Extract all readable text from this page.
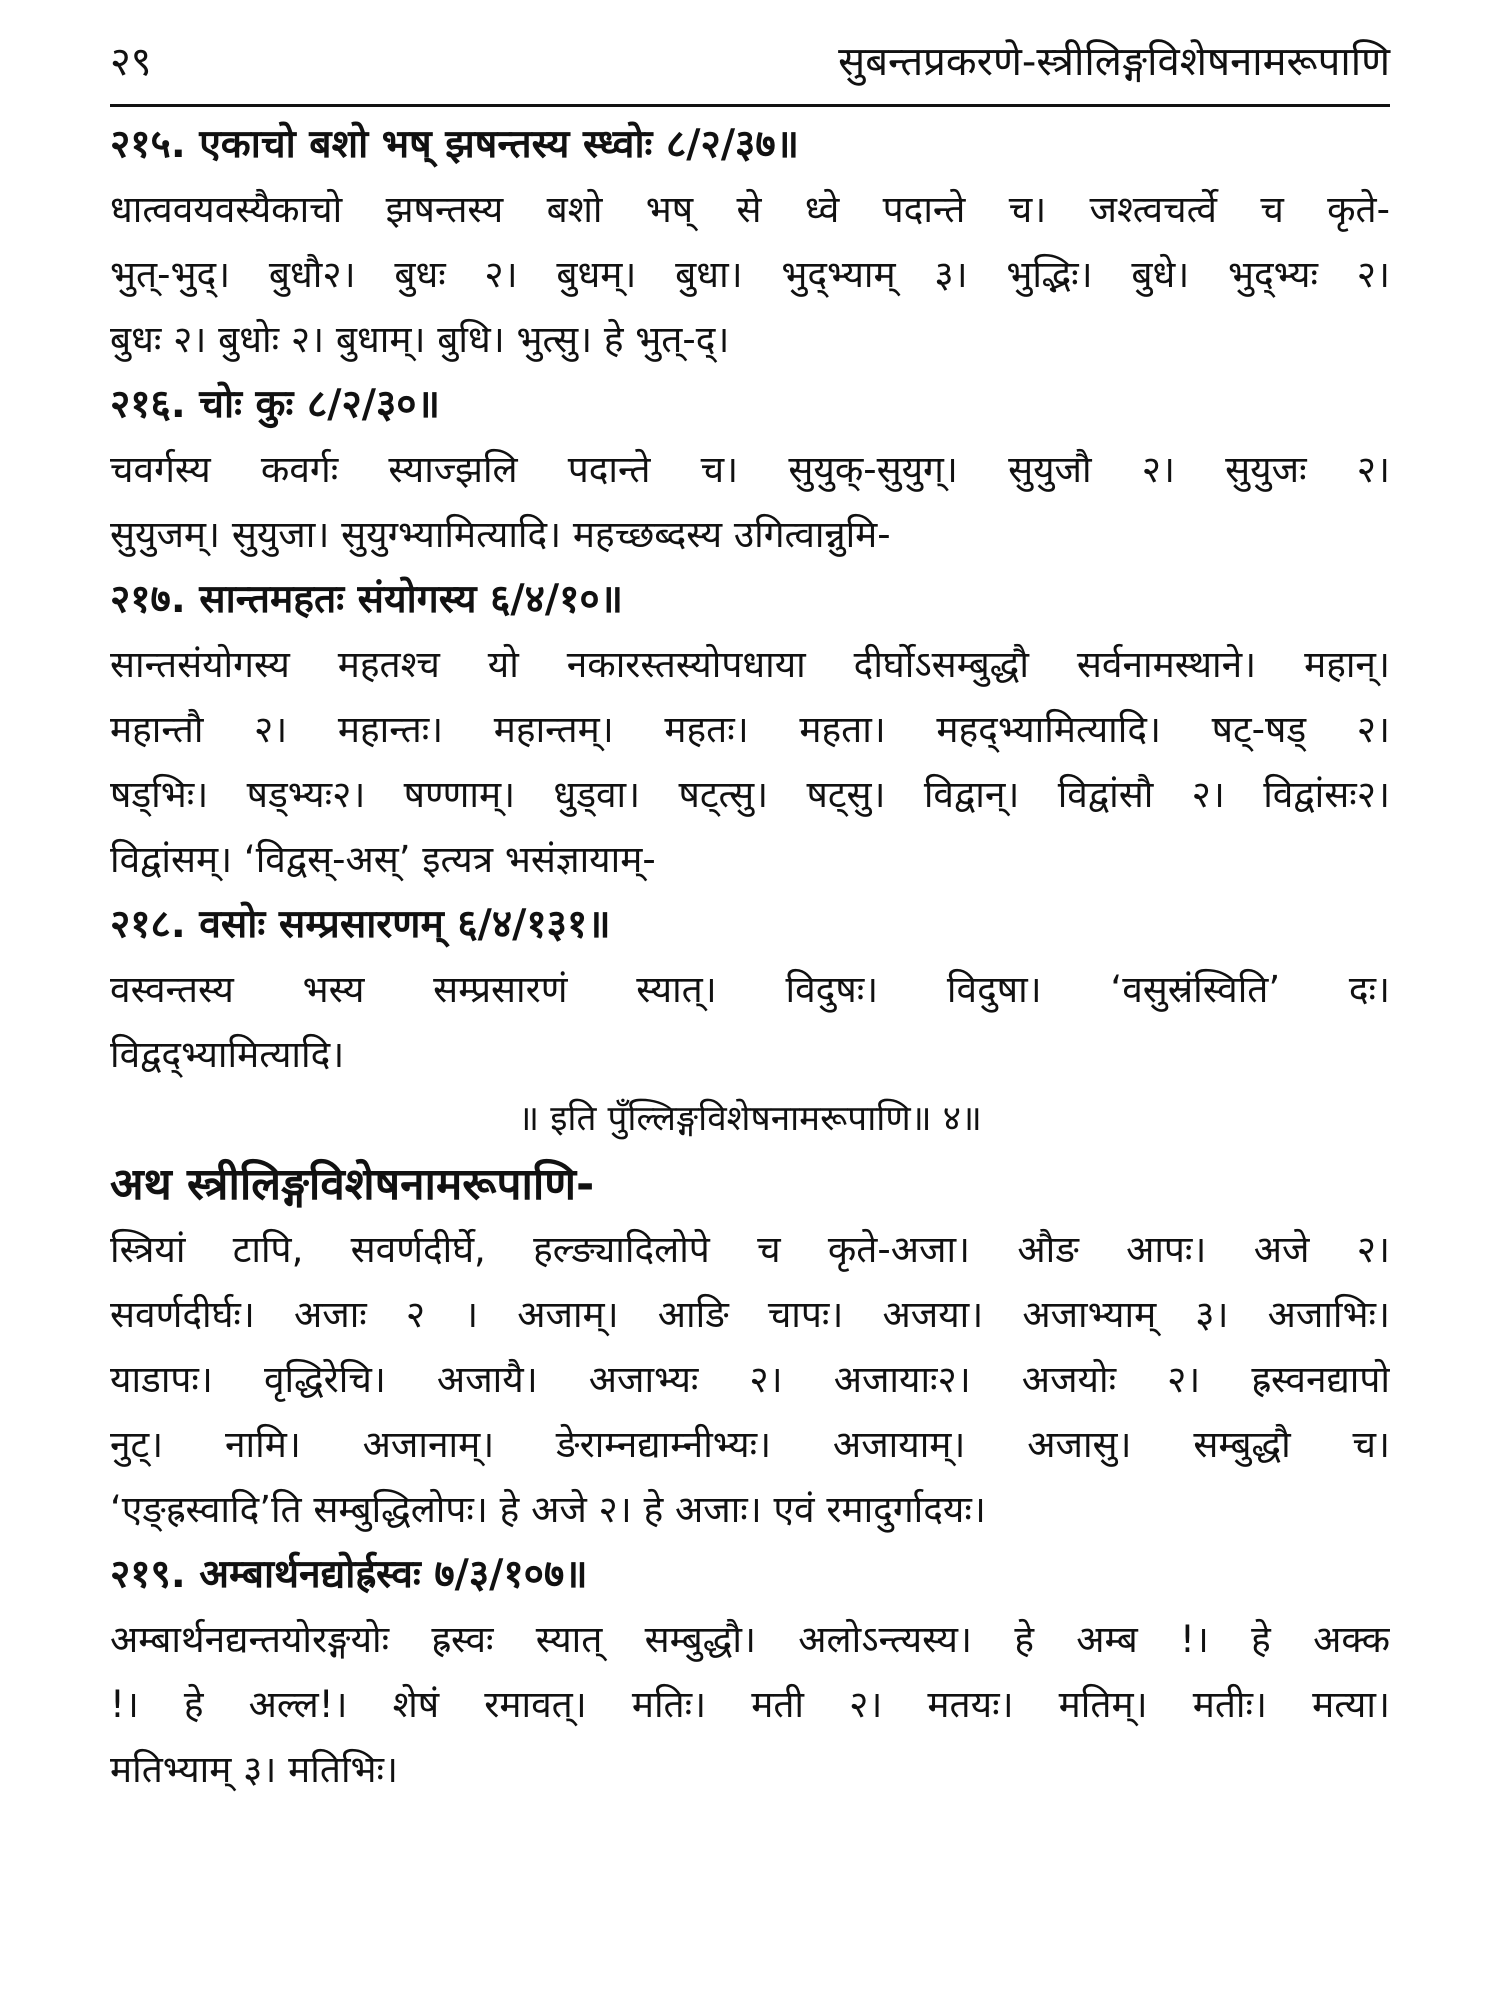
२९	सुबन्तप्रकरणे-स्त्रीलिङ्गविशेषनामरूपाणि
२१५. एकाचो बशो भष् झषन्तस्य स्ध्वोः ८/२/३७॥
धात्ववयवस्यैकाचो झषन्तस्य बशो भष् से ध्वे पदान्ते च। जश्त्वचर्त्वे च कृते-
भुत्-भुद्। बुधौ२। बुधः २। बुधम्। बुधा। भुद्भ्याम् ३। भुद्भिः। बुधे। भुद्भ्यः २।
बुधः २। बुधोः २। बुधाम्। बुधि। भुत्सु। हे भुत्-द्।
२१६. चोः कुः ८/२/३०॥
चवर्गस्य कवर्गः स्याज्झलि पदान्ते च। सुयुक्-सुयुग्। सुयुजौ २। सुयुजः २।
सुयुजम्। सुयुजा। सुयुग्भ्यामित्यादि। महच्छब्दस्य उगित्वान्नुमि-
२१७. सान्तमहतः संयोगस्य ६/४/१०॥
सान्तसंयोगस्य महतश्च यो नकारस्तस्योपधाया दीर्घोऽसम्बुद्धौ सर्वनामस्थाने। महान्।
महान्तौ २। महान्तः। महान्तम्। महतः। महता। महद्भ्यामित्यादि। षट्-षड् २।
षड्भिः। षड्भ्यः२। षण्णाम्। धुड्वा। षट्त्सु। षट्सु। विद्वान्। विद्वांसौ २। विद्वांसः२।
विद्वांसम्। ‘विद्वस्-अस्’ इत्यत्र भसंज्ञायाम्-
२१८. वसोः सम्प्रसारणम् ६/४/१३१॥
वस्वन्तस्य भस्य सम्प्रसारणं स्यात्। विदुषः। विदुषा। ‘वसुस्रंस्विति’ दः।
विद्वद्भ्यामित्यादि।
॥ इति पुँल्लिङ्गविशेषनामरूपाणि॥ ४॥
अथ स्त्रीलिङ्गविशेषनामरूपाणि-
स्त्रियां टापि, सवर्णदीर्घे, हल्ङ्यादिलोपे च कृते-अजा। औङ आपः। अजे २।
सवर्णदीर्घः। अजाः २ । अजाम्। आङि चापः। अजया। अजाभ्याम् ३। अजाभिः।
याडापः। वृद्धिरेचि। अजायै। अजाभ्यः २। अजायाः२। अजयोः २। ह्रस्वनद्यापो
नुट्। नामि। अजानाम्। ङेराम्नद्याम्नीभ्यः। अजायाम्। अजासु। सम्बुद्धौ च।
‘एङ्ह्रस्वादि’ति सम्बुद्धिलोपः। हे अजे २। हे अजाः। एवं रमादुर्गादयः।
२१९. अम्बार्थनद्योर्ह्रस्वः ७/३/१०७॥
अम्बार्थनद्यन्तयोरङ्गयोः ह्रस्वः स्यात् सम्बुद्धौ। अलोऽन्त्यस्य। हे अम्ब !। हे अक्क
!। हे अल्ल!। शेषं रमावत्। मतिः। मती २। मतयः। मतिम्। मतीः। मत्या।
मतिभ्याम् ३। मतिभिः।
